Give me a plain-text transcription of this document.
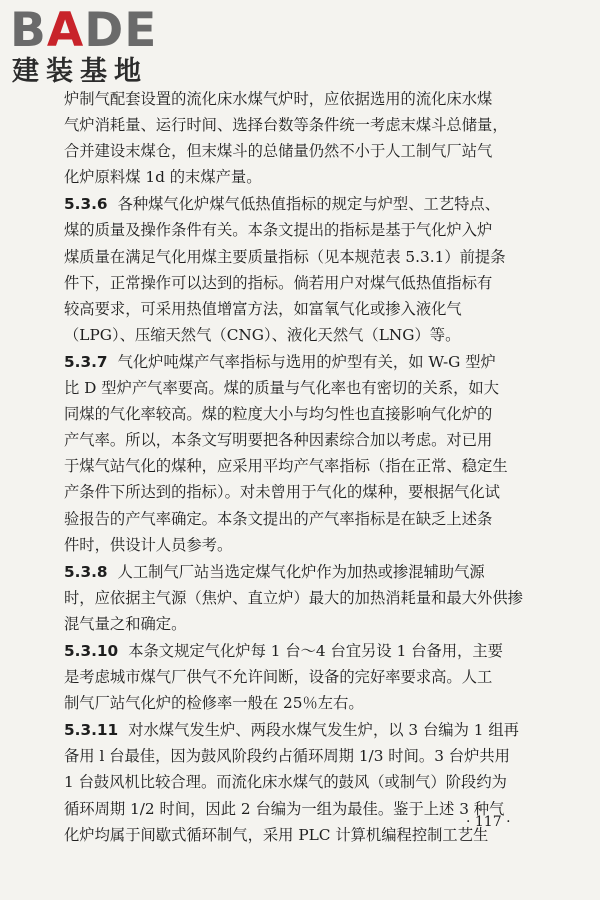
BADE
建装基地
炉制气配套设置的流化床水煤气炉时，应依据选用的流化床水煤
气炉消耗量、运行时间、选择台数等条件统一考虑末煤斗总储量，
合并建设末煤仓，但末煤斗的总储量仍然不小于人工制气厂站气
化炉原料煤 1d 的末煤产量。
5.3.6 各种煤气化炉煤气低热值指标的规定与炉型、工艺特点、
煤的质量及操作条件有关。本条文提出的指标是基于气化炉入炉
煤质量在满足气化用煤主要质量指标（见本规范表 5.3.1）前提条
件下，正常操作可以达到的指标。倘若用户对煤气低热值指标有
较高要求，可采用热值增富方法，如富氧气化或掺入液化气
（LPG）、压缩天然气（CNG）、液化天然气（LNG）等。
5.3.7 气化炉吨煤产气率指标与选用的炉型有关，如 W-G 型炉
比 D 型炉产气率要高。煤的质量与气化率也有密切的关系，如大
同煤的气化率较高。煤的粒度大小与均匀性也直接影响气化炉的
产气率。所以，本条文写明要把各种因素综合加以考虑。对已用
于煤气站气化的煤种，应采用平均产气率指标（指在正常、稳定生
产条件下所达到的指标）。对未曾用于气化的煤种，要根据气化试
验报告的产气率确定。本条文提出的产气率指标是在缺乏上述条
件时，供设计人员参考。
5.3.8 人工制气厂站当选定煤气化炉作为加热或掺混辅助气源
时，应依据主气源（焦炉、直立炉）最大的加热消耗量和最大外供掺
混气量之和确定。
5.3.10 本条文规定气化炉每 1 台～4 台宜另设 1 台备用，主要
是考虑城市煤气厂供气不允许间断，设备的完好率要求高。人工
制气厂站气化炉的检修率一般在 25％左右。
5.3.11 对水煤气发生炉、两段水煤气发生炉，以 3 台编为 1 组再
备用 l 台最佳，因为鼓风阶段约占循环周期 1/3 时间。3 台炉共用
1 台鼓风机比较合理。而流化床水煤气的鼓风（或制气）阶段约为
循环周期 1/2 时间，因此 2 台编为一组为最佳。鉴于上述 3 种气
化炉均属于间歇式循环制气，采用 PLC 计算机编程控制工艺生
· 117 ·
